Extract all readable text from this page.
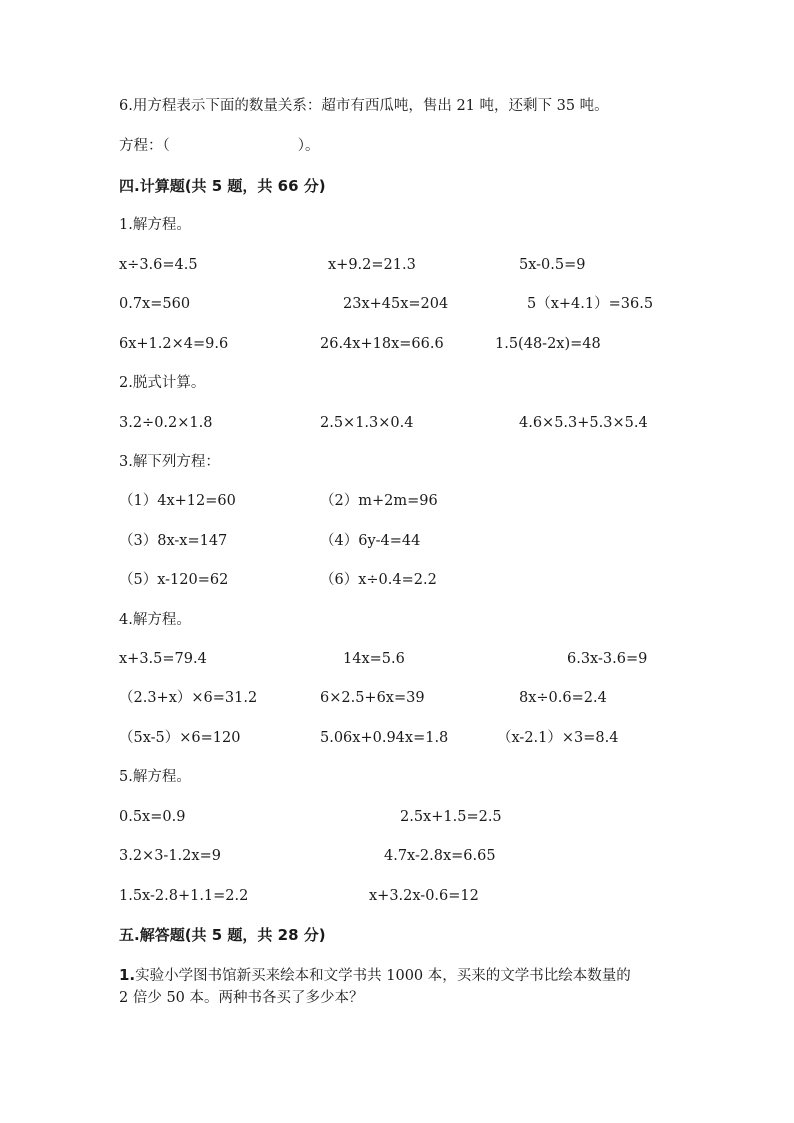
6.用方程表示下面的数量关系：超市有西瓜吨，售出 21 吨，还剩下 35 吨。
方程：（	）。
四.计算题(共 5 题，共 66 分)
1.解方程。
x÷3.6=4.5	x+9.2=21.3	5x-0.5=9
0.7x=560	23x+45x=204	5（x+4.1）=36.5
6x+1.2×4=9.6	26.4x+18x=66.6	1.5(48-2x)=48
2.脱式计算。
3.2÷0.2×1.8	2.5×1.3×0.4	4.6×5.3+5.3×5.4
3.解下列方程：
（1）4x+12=60	（2）m+2m=96
（3）8x-x=147	（4）6y-4=44
（5）x-120=62	（6）x÷0.4=2.2
4.解方程。
x+3.5=79.4	14x=5.6	6.3x-3.6=9
（2.3+x）×6=31.2	6×2.5+6x=39	8x÷0.6=2.4
（5x-5）×6=120	5.06x+0.94x=1.8	（x-2.1）×3=8.4
5.解方程。
0.5x=0.9	2.5x+1.5=2.5
3.2×3-1.2x=9	4.7x-2.8x=6.65
1.5x-2.8+1.1=2.2	x+3.2x-0.6=12
五.解答题(共 5 题，共 28 分)
1.实验小学图书馆新买来绘本和文学书共 1000 本，买来的文学书比绘本数量的
2 倍少 50 本。两种书各买了多少本？
